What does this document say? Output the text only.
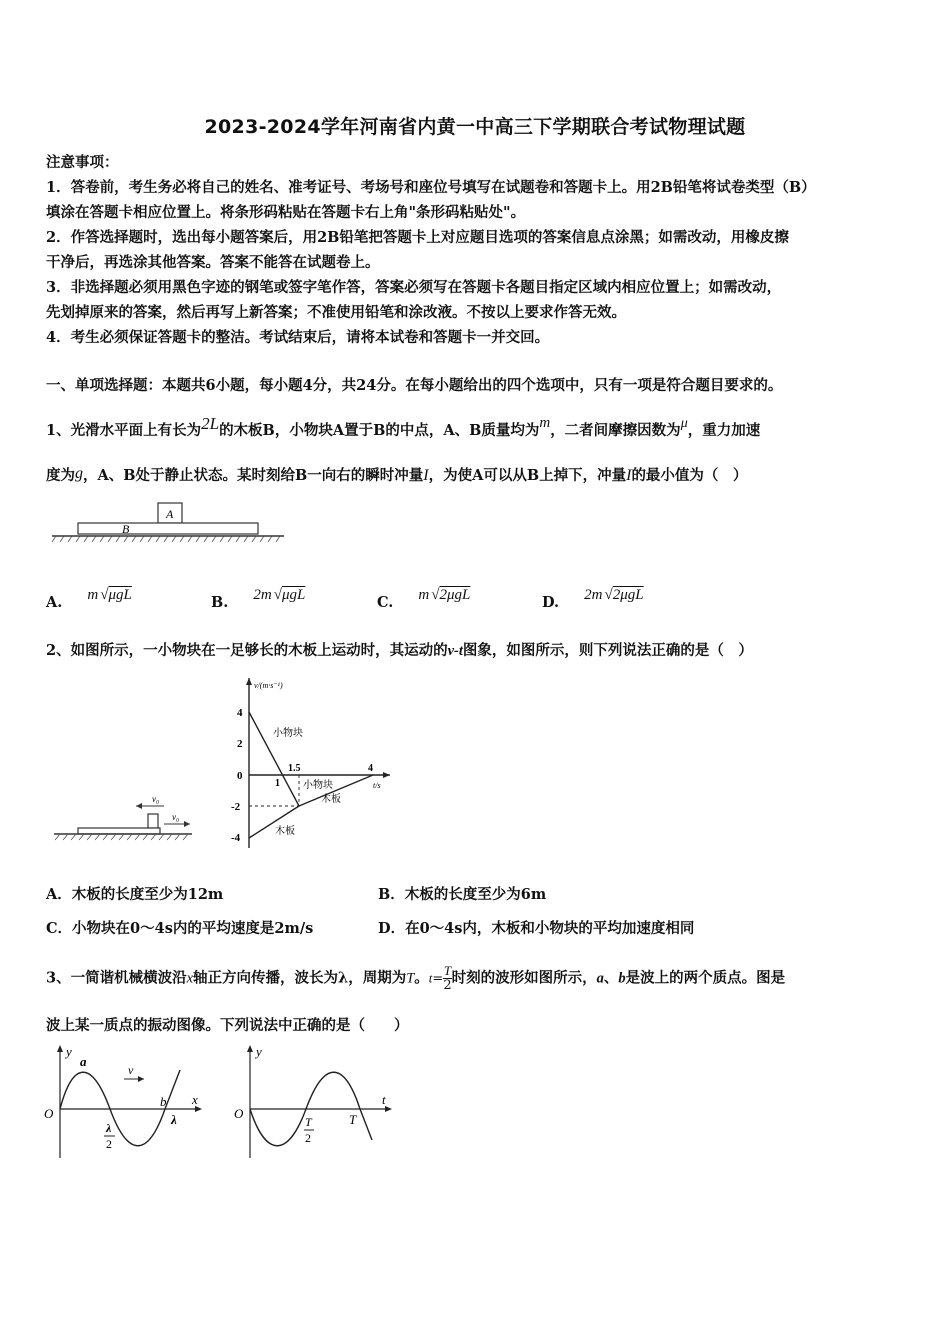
2023-2024学年河南省内黄一中高三下学期联合考试物理试题
注意事项：
1．答卷前，考生务必将自己的姓名、准考证号、考场号和座位号填写在试题卷和答题卡上。用2B铅笔将试卷类型（B）
填涂在答题卡相应位置上。将条形码粘贴在答题卡右上角"条形码粘贴处"。
2．作答选择题时，选出每小题答案后，用2B铅笔把答题卡上对应题目选项的答案信息点涂黑；如需改动，用橡皮擦
干净后，再选涂其他答案。答案不能答在试题卷上。
3．非选择题必须用黑色字迹的钢笔或签字笔作答，答案必须写在答题卡各题目指定区域内相应位置上；如需改动，
先划掉原来的答案，然后再写上新答案；不准使用铅笔和涂改液。不按以上要求作答无效。
4．考生必须保证答题卡的整洁。考试结束后，请将本试卷和答题卡一并交回。
一、单项选择题：本题共6小题，每小题4分，共24分。在每小题给出的四个选项中，只有一项是符合题目要求的。
1、光滑水平面上有长为2L的木板B，小物块A置于B的中点，A、B质量均为m，二者间摩擦因数为μ，重力加速
度为g，A、B处于静止状态。某时刻给B一向右的瞬时冲量I，为使A可以从B上掉下，冲量I的最小值为（　）
A
B
A. m √μgL	B. 2m √μgL	C. m √2μgL	D. 2m √2μgL
2、如图所示，一小物块在一足够长的木板上运动时，其运动的v-t图象，如图所示，则下列说法正确的是（　）
v₀
v₀
v/(m·s⁻¹)
t/s
4
2
0
-2
-4
1
1.5	4
小物块
小物块
木板
木板
A．木板的长度至少为12m	B．木板的长度至少为6m
C．小物块在0～4s内的平均速度是2m/s	D．在0～4s内，木板和小物块的平均加速度相同
3、一简谐机械横波沿x轴正方向传播，波长为λ，周期为T。$t= \frac{T}{2}$ 时刻的波形如图所示，a、b是波上的两个质点。图是
波上某一质点的振动图像。下列说法中正确的是（　　）
y
x
O
a
b
v
λ
λ
2
y
t
O	T
T
2
